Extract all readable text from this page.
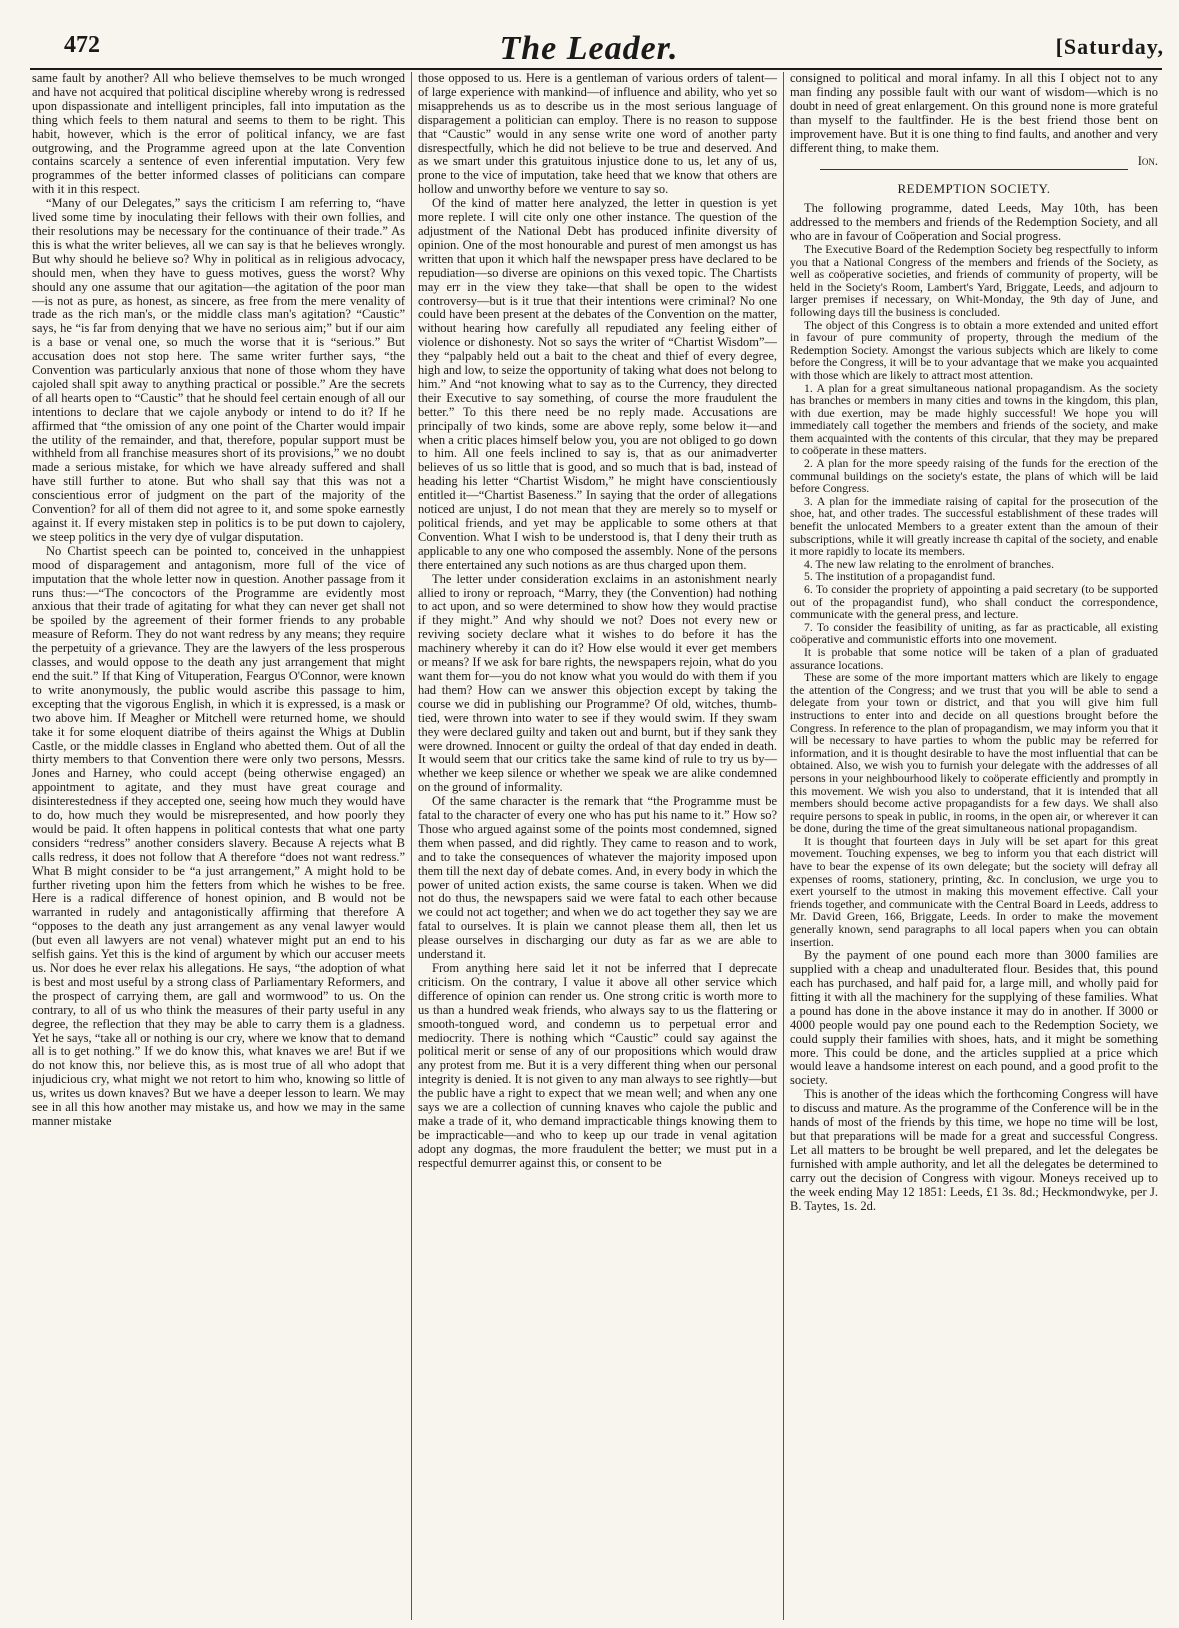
472	The Leader.	[Saturday,

same fault by another? All who believe themselves to be much wronged and have not acquired that political discipline whereby wrong is redressed upon dispassionate and intelligent principles, fall into imputation as the thing which feels to them natural and seems to them to be right. This habit, however, which is the error of political infancy, we are fast outgrowing, and the Programme agreed upon at the late Convention contains scarcely a sentence of even inferential imputation. Very few programmes of the better informed classes of politicians can compare with it in this respect.

“Many of our Delegates,” says the criticism I am referring to, “have lived some time by inoculating their fellows with their own follies, and their resolutions may be necessary for the continuance of their trade.” As this is what the writer believes, all we can say is that he believes wrongly. But why should he believe so? Why in political as in religious advocacy, should men, when they have to guess motives, guess the worst? Why should any one assume that our agitation—the agitation of the poor man—is not as pure, as honest, as sincere, as free from the mere venality of trade as the rich man's, or the middle class man's agitation? “Caustic” says, he “is far from denying that we have no serious aim;” but if our aim is a base or venal one, so much the worse that it is “serious.” But accusation does not stop here. The same writer further says, “the Convention was particularly anxious that none of those whom they have cajoled shall spit away to anything practical or possible.” Are the secrets of all hearts open to “Caustic” that he should feel certain enough of all our intentions to declare that we cajole anybody or intend to do it? If he affirmed that “the omission of any one point of the Charter would impair the utility of the remainder, and that, therefore, popular support must be withheld from all franchise measures short of its provisions,” we no doubt made a serious mistake, for which we have already suffered and shall have still further to atone. But who shall say that this was not a conscientious error of judgment on the part of the majority of the Convention? for all of them did not agree to it, and some spoke earnestly against it. If every mistaken step in politics is to be put down to cajolery, we steep politics in the very dye of vulgar disputation.

No Chartist speech can be pointed to, conceived in the unhappiest mood of disparagement and antagonism, more full of the vice of imputation that the whole letter now in question. Another passage from it runs thus:—“The concoctors of the Programme are evidently most anxious that their trade of agitating for what they can never get shall not be spoiled by the agreement of their former friends to any probable measure of Reform. They do not want redress by any means; they require the perpetuity of a grievance. They are the lawyers of the less prosperous classes, and would oppose to the death any just arrangement that might end the suit.” If that King of Vituperation, Feargus O'Connor, were known to write anonymously, the public would ascribe this passage to him, excepting that the vigorous English, in which it is expressed, is a mask or two above him. If Meagher or Mitchell were returned home, we should take it for some eloquent diatribe of theirs against the Whigs at Dublin Castle, or the middle classes in England who abetted them. Out of all the thirty members to that Convention there were only two persons, Messrs. Jones and Harney, who could accept (being otherwise engaged) an appointment to agitate, and they must have great courage and disinterestedness if they accepted one, seeing how much they would have to do, how much they would be misrepresented, and how poorly they would be paid. It often happens in political contests that what one party considers “redress” another considers slavery. Because A rejects what B calls redress, it does not follow that A therefore “does not want redress.” What B might consider to be “a just arrangement,” A might hold to be further riveting upon him the fetters from which he wishes to be free. Here is a radical difference of honest opinion, and B would not be warranted in rudely and antagonistically affirming that therefore A “opposes to the death any just arrangement as any venal lawyer would (but even all lawyers are not venal) whatever might put an end to his selfish gains. Yet this is the kind of argument by which our accuser meets us. Nor does he ever relax his allegations. He says, “the adoption of what is best and most useful by a strong class of Parliamentary Reformers, and the prospect of carrying them, are gall and wormwood” to us. On the contrary, to all of us who think the measures of their party useful in any degree, the reflection that they may be able to carry them is a gladness. Yet he says, “take all or nothing is our cry, where we know that to demand all is to get nothing.” If we do know this, what knaves we are! But if we do not know this, nor believe this, as is most true of all who adopt that injudicious cry, what might we not retort to him who, knowing so little of us, writes us down knaves? But we have a deeper lesson to learn. We may see in all this how another may mistake us, and how we may in the same manner mistake

those opposed to us. Here is a gentleman of various orders of talent—of large experience with mankind—of influence and ability, who yet so misapprehends us as to describe us in the most serious language of disparagement a politician can employ. There is no reason to suppose that “Caustic” would in any sense write one word of another party disrespectfully, which he did not believe to be true and deserved. And as we smart under this gratuitous injustice done to us, let any of us, prone to the vice of imputation, take heed that we know that others are hollow and unworthy before we venture to say so.

Of the kind of matter here analyzed, the letter in question is yet more replete. I will cite only one other instance. The question of the adjustment of the National Debt has produced infinite diversity of opinion. One of the most honourable and purest of men amongst us has written that upon it which half the newspaper press have declared to be repudiation—so diverse are opinions on this vexed topic. The Chartists may err in the view they take—that shall be open to the widest controversy—but is it true that their intentions were criminal? No one could have been present at the debates of the Convention on the matter, without hearing how carefully all repudiated any feeling either of violence or dishonesty. Not so says the writer of “Chartist Wisdom”—they “palpably held out a bait to the cheat and thief of every degree, high and low, to seize the opportunity of taking what does not belong to him.” And “not knowing what to say as to the Currency, they directed their Executive to say something, of course the more fraudulent the better.” To this there need be no reply made. Accusations are principally of two kinds, some are above reply, some below it—and when a critic places himself below you, you are not obliged to go down to him. All one feels inclined to say is, that as our animadverter believes of us so little that is good, and so much that is bad, instead of heading his letter “Chartist Wisdom,” he might have conscientiously entitled it—“Chartist Baseness.” In saying that the order of allegations noticed are unjust, I do not mean that they are merely so to myself or political friends, and yet may be applicable to some others at that Convention. What I wish to be understood is, that I deny their truth as applicable to any one who composed the assembly. None of the persons there entertained any such notions as are thus charged upon them.

The letter under consideration exclaims in an astonishment nearly allied to irony or reproach, “Marry, they (the Convention) had nothing to act upon, and so were determined to show how they would practise if they might.” And why should we not? Does not every new or reviving society declare what it wishes to do before it has the machinery whereby it can do it? How else would it ever get members or means? If we ask for bare rights, the newspapers rejoin, what do you want them for—you do not know what you would do with them if you had them? How can we answer this objection except by taking the course we did in publishing our Programme? Of old, witches, thumb-tied, were thrown into water to see if they would swim. If they swam they were declared guilty and taken out and burnt, but if they sank they were drowned. Innocent or guilty the ordeal of that day ended in death. It would seem that our critics take the same kind of rule to try us by—whether we keep silence or whether we speak we are alike condemned on the ground of informality.

Of the same character is the remark that “the Programme must be fatal to the character of every one who has put his name to it.” How so? Those who argued against some of the points most condemned, signed them when passed, and did rightly. They came to reason and to work, and to take the consequences of whatever the majority imposed upon them till the next day of debate comes. And, in every body in which the power of united action exists, the same course is taken. When we did not do thus, the newspapers said we were fatal to each other because we could not act together; and when we do act together they say we are fatal to ourselves. It is plain we cannot please them all, then let us please ourselves in discharging our duty as far as we are able to understand it.

From anything here said let it not be inferred that I deprecate criticism. On the contrary, I value it above all other service which difference of opinion can render us. One strong critic is worth more to us than a hundred weak friends, who always say to us the flattering or smooth-tongued word, and condemn us to perpetual error and mediocrity. There is nothing which “Caustic” could say against the political merit or sense of any of our propositions which would draw any protest from me. But it is a very different thing when our personal integrity is denied. It is not given to any man always to see rightly—but the public have a right to expect that we mean well; and when any one says we are a collection of cunning knaves who cajole the public and make a trade of it, who demand impracticable things knowing them to be impracticable—and who to keep up our trade in venal agitation adopt any dogmas, the more fraudulent the better; we must put in a respectful demurrer against this, or consent to be

consigned to political and moral infamy. In all this I object not to any man finding any possible fault with our want of wisdom—which is no doubt in need of great enlargement. On this ground none is more grateful than myself to the faultfinder. He is the best friend those bent on improvement have. But it is one thing to find faults, and another and very different thing, to make them.

Ion.
REDEMPTION SOCIETY.

The following programme, dated Leeds, May 10th, has been addressed to the members and friends of the Redemption Society, and all who are in favour of Coöperation and Social progress.

The Executive Board of the Redemption Society beg respectfully to inform you that a National Congress of the members and friends of the Society, as well as coöperative societies, and friends of community of property, will be held in the Society's Room, Lambert's Yard, Briggate, Leeds, and adjourn to larger premises if necessary, on Whit-Monday, the 9th day of June, and following days till the business is concluded.

The object of this Congress is to obtain a more extended and united effort in favour of pure community of property, through the medium of the Redemption Society. Amongst the various subjects which are likely to come before the Congress, it will be to your advantage that we make you acquainted with those which are likely to attract most attention.

1. A plan for a great simultaneous national propagandism. As the society has branches or members in many cities and towns in the kingdom, this plan, with due exertion, may be made highly successful! We hope you will immediately call together the members and friends of the society, and make them acquainted with the contents of this circular, that they may be prepared to coöperate in these matters.

2. A plan for the more speedy raising of the funds for the erection of the communal buildings on the society's estate, the plans of which will be laid before Congress.

3. A plan for the immediate raising of capital for the prosecution of the shoe, hat, and other trades. The successful establishment of these trades will benefit the unlocated Members to a greater extent than the amoun of their subscriptions, while it will greatly increase th capital of the society, and enable it more rapidly to locate its members.

4. The new law relating to the enrolment of branches.

5. The institution of a propagandist fund.

6. To consider the propriety of appointing a paid secretary (to be supported out of the propagandist fund), who shall conduct the correspondence, communicate with the general press, and lecture.

7. To consider the feasibility of uniting, as far as practicable, all existing coöperative and communistic efforts into one movement.

It is probable that some notice will be taken of a plan of graduated assurance locations.

These are some of the more important matters which are likely to engage the attention of the Congress; and we trust that you will be able to send a delegate from your town or district, and that you will give him full instructions to enter into and decide on all questions brought before the Congress. In reference to the plan of propagandism, we may inform you that it will be necessary to have parties to whom the public may be referred for information, and it is thought desirable to have the most influential that can be obtained. Also, we wish you to furnish your delegate with the addresses of all persons in your neighbourhood likely to coöperate efficiently and promptly in this movement. We wish you also to understand, that it is intended that all members should become active propagandists for a few days. We shall also require persons to speak in public, in rooms, in the open air, or wherever it can be done, during the time of the great simultaneous national propagandism.

It is thought that fourteen days in July will be set apart for this great movement. Touching expenses, we beg to inform you that each district will have to bear the expense of its own delegate; but the society will defray all expenses of rooms, stationery, printing, &c. In conclusion, we urge you to exert yourself to the utmost in making this movement effective. Call your friends together, and communicate with the Central Board in Leeds, address to Mr. David Green, 166, Briggate, Leeds. In order to make the movement generally known, send paragraphs to all local papers when you can obtain insertion.

By the payment of one pound each more than 3000 families are supplied with a cheap and unadulterated flour. Besides that, this pound each has purchased, and half paid for, a large mill, and wholly paid for fitting it with all the machinery for the supplying of these families. What a pound has done in the above instance it may do in another. If 3000 or 4000 people would pay one pound each to the Redemption Society, we could supply their families with shoes, hats, and it might be something more. This could be done, and the articles supplied at a price which would leave a handsome interest on each pound, and a good profit to the society.

This is another of the ideas which the forthcoming Congress will have to discuss and mature. As the programme of the Conference will be in the hands of most of the friends by this time, we hope no time will be lost, but that preparations will be made for a great and successful Congress. Let all matters to be brought be well prepared, and let the delegates be furnished with ample authority, and let all the delegates be determined to carry out the decision of Congress with vigour. Moneys received up to the week ending May 12 1851: Leeds, £1 3s. 8d.; Heckmondwyke, per J. B. Taytes, 1s. 2d.
